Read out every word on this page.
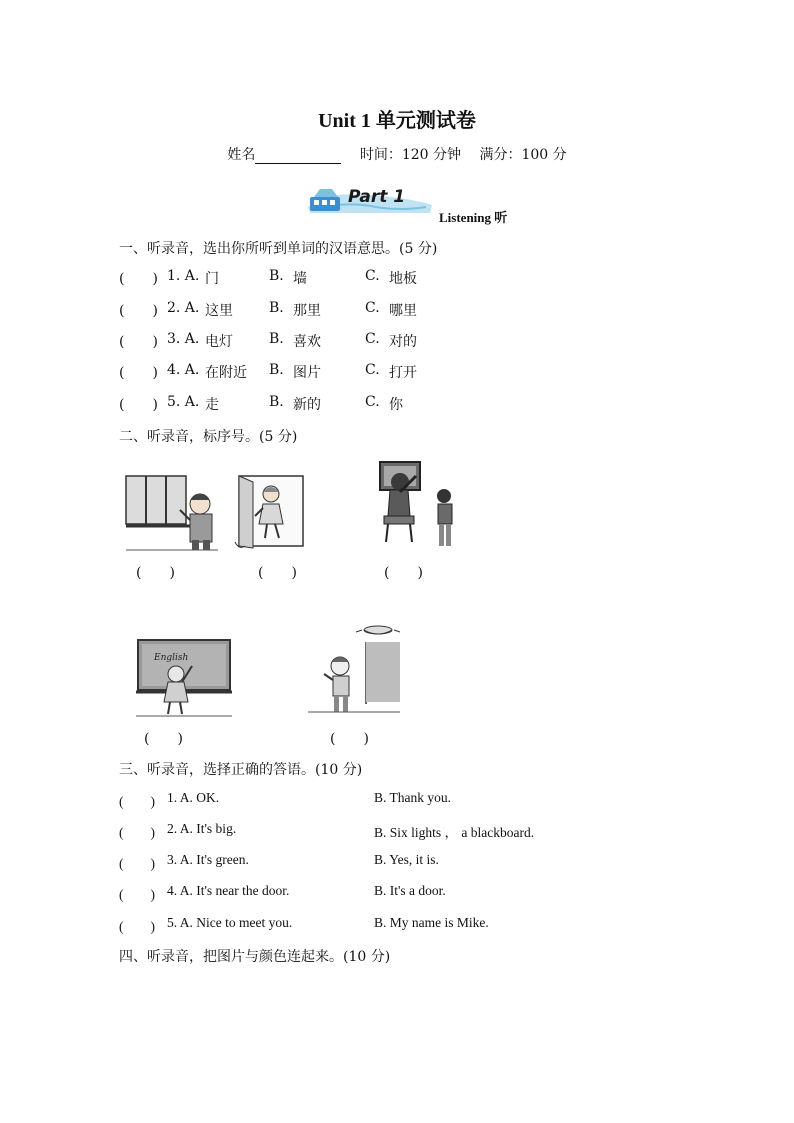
Unit 1 单元测试卷
姓名	时间：120 分钟 满分：100 分
Part 1
Listening 听
一、听录音，选出你所听到单词的汉语意思。(5 分)
(　　) 1. A. 门	B. 墙	C. 地板
(　　) 2. A. 这里	B. 那里	C. 哪里
(　　) 3. A. 电灯	B. 喜欢	C. 对的
(　　) 4. A. 在附近 B. 图片	C. 打开
(　　) 5. A. 走	B. 新的	C. 你
二、听录音，标序号。(5 分)
(　　)	(　　)	(　　)
English
(　　)	(　　)
三、听录音，选择正确的答语。(10 分)
(　　) 1. A. OK.	B. Thank you.
(　　) 2. A. It's big.	B. Six lights ， a blackboard.
(　　) 3. A. It's green.	B. Yes, it is.
(　　) 4. A. It's near the door.	B. It's a door.
(　　) 5. A. Nice to meet you.	B. My name is Mike.
四、听录音，把图片与颜色连起来。(10 分)
